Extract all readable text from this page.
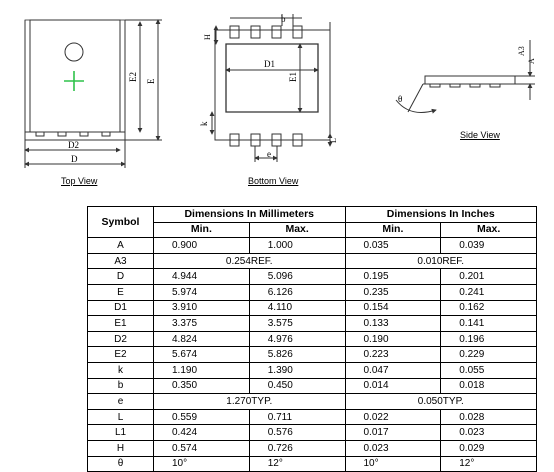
D2
D
E2 E
b
H
D1
E1
k
e
L
A3
A
θ
Top View	Bottom View
Side View
Symbol	Dimensions In Millimeters		Dimensions In Inches	
	Min.	Max.	Min.	Max.
A	0.900	1.000	0.035	0.039
A3	0.254REF.		0.010REF.	
D	4.944	5.096	0.195	0.201
E	5.974	6.126	0.235	0.241
D1	3.910	4.110	0.154	0.162
E1	3.375	3.575	0.133	0.141
D2	4.824	4.976	0.190	0.196
E2	5.674	5.826	0.223	0.229
k	1.190	1.390	0.047	0.055
b	0.350	0.450	0.014	0.018
e	1.270TYP.		0.050TYP.	
L	0.559	0.711	0.022	0.028
L1	0.424	0.576	0.017	0.023
H	0.574	0.726	0.023	0.029
θ	10°	12°	10°	12°
